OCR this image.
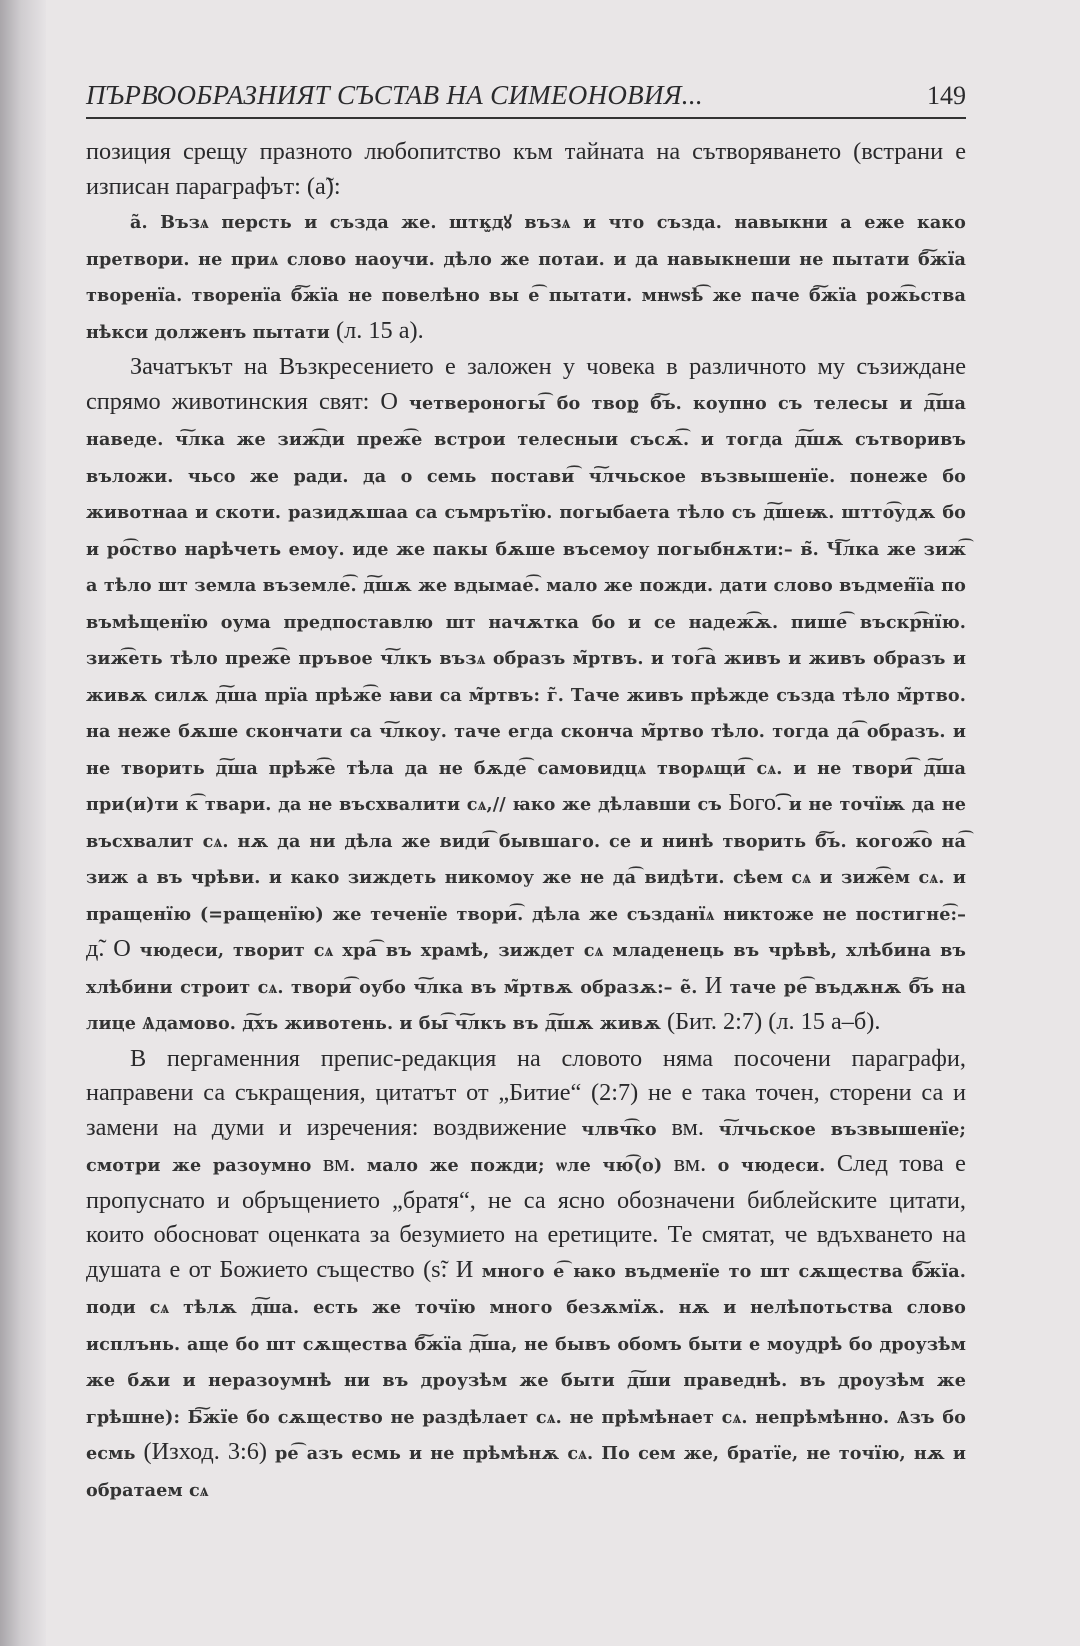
ПЪРВООБРАЗНИЯТ СЪСТАВ НА СИМЕОНОВИЯ...	149

позиция срещу празното любопитство към тайната на сътворяването (встрани е изписан параграфът: (а̃):

а̃. Възѧ персть и създа же. штк̫дꙋ възѧ и что създа. навыкни а еже како претвори. не приѧ слово наоучи. дѣло же потаи. и да навыкнеши не пытати б͠жїа творенїа. творенїа б͠жїа не повелѣно вы е͡ пытати. мнѡѕѣ͡ же паче б͠жїа рож͡ьства нѣкси долженъ пытати (л. 15 а).

Зачатъкът на Възкресението е заложен у човека в различното му съзиждане спрямо животинския свят: О четвероногы͡ бо твор̫ б͠ъ. коупно съ телесы и д͠ша наведе. ч͠лка же зиж͡ди преж͡е встрои телесныи съсѫ͡. и тогда д͠шѫ сътворивъ въложи. чьсо же ради. да о семь постави͡ ч͠лчьское възвышенїе. понеже бо животнаа и скоти. разидѫшаа са съмрътїю. погыбаета тѣло съ д͠шеѭ. штто͡удѫ бо и ро͡ство нарѣчеть емоу. иде же пакы бѫше въсемоу погыбнѫти:– в̃. Ч͠лка же зиж͡ а тѣло шт земла въземле͡. д͠шѫ же вдымае͡. мало же пожди. дати слово въдмен̃їа по въмѣщенїю оума предпоставлю шт начѫтка бо и се надеж͡ѫ. пише͡ въскр͡нїю. зиж͡еть тѣло преж͡е пръвое ч͠лкъ възѧ образъ м̃ртвъ. и тог͡а живъ и живъ образъ и живѫ силѫ д͠ша прїа прѣж͡е ꙗви са м̃ртвъ: г̃. Таче живъ прѣжде създа тѣло м̃ртво. на неже бѫше скончати са ч͠лкоу. таче егда сконча м̃ртво тѣло. тогда да͡ образъ. и не творить д͠ша прѣж͡е тѣла да не бѫде͡ самовидцѧ творѧщи͡ сѧ. и не твори͡ д͠ша при(и)ти к͡ твари. да не въсхвалити сѧ,// ꙗко же дѣлавши съ Бого͡. и не точїѭ да не въсхвалит сѧ. нѫ да ни дѣла же види͡ бывшаго. се и нинѣ творить б͠ъ. когож͡о на͡ зиж а въ чрѣви. и како зиждеть никомоу же не да͡ видѣти. сѣем сѧ и зиж͡ем сѧ. и пращенїю (=ращенїю) же теченїе твори͡. дѣла же създанїѧ никтоже не постигне͡:– д̃. О чюдеси, творит сѧ хра͡ въ храмѣ, зиждет сѧ младенець въ чрѣвѣ, хлѣбина въ хлѣбини строит сѧ. твори͡ оубо ч͠лка въ м̃ртвѫ образѫ:– е̃. И таче ре͡ въдѫнѫ б͠ъ на лице Ѧдамово. д͠хъ животень. и бы͡ ч͠лкъ въ д͠шѫ живѫ (Бит. 2:7) (л. 15 а–б).

В пергаменния препис-редакция на словото няма посочени параграфи, направени са съкращения, цитатът от „Битие“ (2:7) не е така точен, сторени са и замени на думи и изречения: воздвижение члвч͡ко вм. ч͠лчьское възвышенїе; смотри же разоумно вм. мало же пожди; ѡле чю͡(о) вм. о чюдеси. След това е пропуснато и обръщението „братя“, не са ясно обозначени библейските цитати, които обосноват оценката за безумието на еретиците. Те смятат, че вдъхването на душата е от Божието същество (ѕ̃: И много е͡ ꙗко въдменїе то шт сѫщества б͠жїа. поди сѧ тѣлѫ д͠ша. есть же точїю много безѫмїѫ. нѫ и нелѣпотьства слово исплънь. аще бо шт сѫщества б͠жїа д͠ша, не бывъ обомъ быти е моудрѣ бо дроузѣм же бѫи и неразоумнѣ ни въ дроузѣм же быти д͠ши праведнѣ. въ дроузѣм же грѣшне): Б͠жїе бо сѫщество не раздѣлает сѧ. не прѣмѣнает сѧ. непрѣмѣнно. Ѧзъ бо есмь (Изход. 3:6) ре͡ азъ есмь и не прѣмѣнѫ сѧ. По сем же, братїе, не точїю, нѫ и обратаем сѧ
